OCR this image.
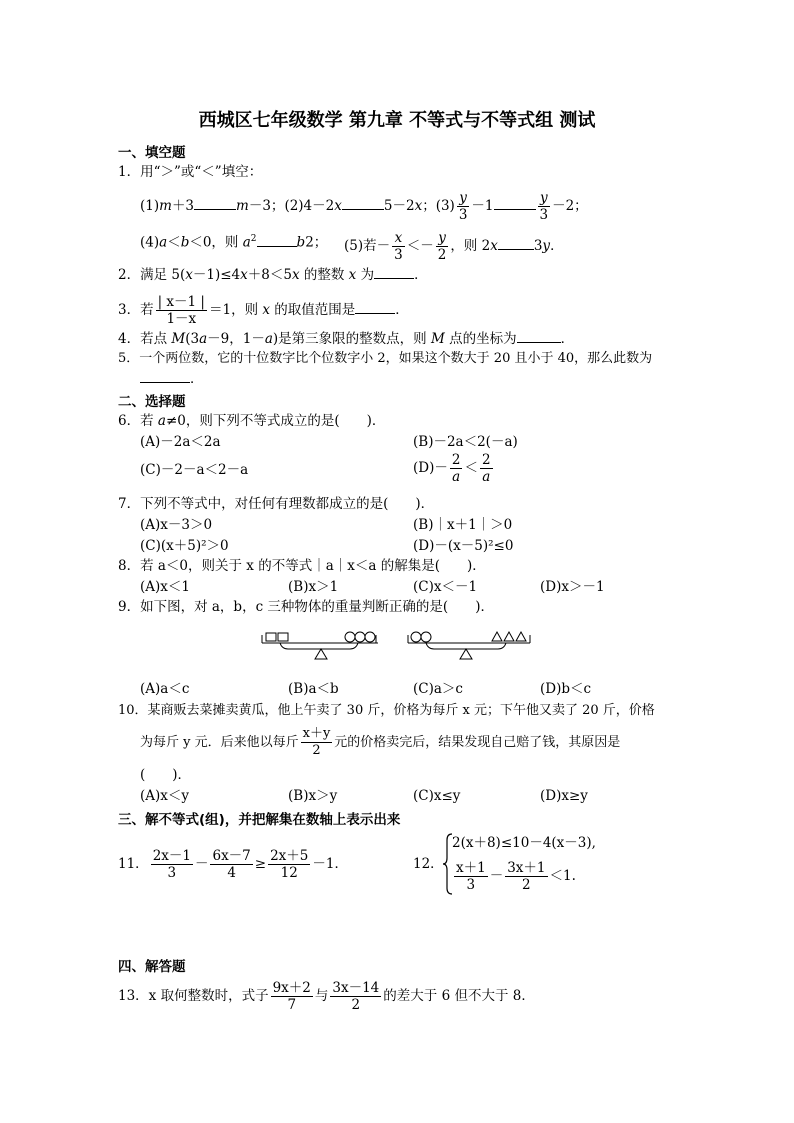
西城区七年级数学 第九章 不等式与不等式组 测试
一、填空题
1．用“＞”或“＜”填空：
(1)m＋3	m－3；(2)4－2x	5－2x；$(3) \frac{y}{3} -1$	$\frac{y}{3} -2$；
(4)a＜b＜0，则 $a^2$	b2； (5)若－ $\frac{x}{3} <- \frac{y}{2}$ ，则 2x	3y．
2．满足 5(x－1)≤4x＋8＜5x 的整数 x 为	．
3．若 $\frac{| x-1 |}{1-x} =1$，则 x 的取值范围是	．
4．若点 M(3a－9，1－a)是第三象限的整数点，则 M 点的坐标为	．
5．一个两位数，它的十位数字比个位数字小 2，如果这个数大于 20 且小于 40，那么此数为
．
二、选择题
6．若 a≠0，则下列不等式成立的是(　　)．
(A)－2a＜2a	(B)－2a＜2(－a)
(C)－2－a＜2－a	$(D)- \frac{2}{a} < \frac{2}{a}$
7．下列不等式中，对任何有理数都成立的是(　　)．
(A)x－3＞0	(B)｜x＋1｜＞0
(C)(x＋5)²＞0	(D)－(x－5)²≤0
8．若 a＜0，则关于 x 的不等式｜a｜x＜a 的解集是(　　)．
(A)x＜1	(B)x＞1	(C)x＜－1	(D)x＞－1
9．如下图，对 a，b，c 三种物体的重量判断正确的是(　　)．
(A)a＜c	(B)a＜b	(C)a＞c	(D)b＜c
10．某商贩去菜摊卖黄瓜，他上午卖了 30 斤，价格为每斤 x 元；下午他又卖了 20 斤，价格
为每斤 y 元．后来他以每斤 $\frac{x+y}{2}$ 元的价格卖完后，结果发现自己赔了钱，其原因是
(　　)．
(A)x＜y	(B)x＞y	(C)x≤y	(D)x≥y
三、解不等式(组)，并把解集在数轴上表示出来
11． $\frac{2x-1}{3} - \frac{6x-7}{4} \ge \frac{2x+5}{12} -1$．	12．
2(x＋8)≤10－4(x－3),
$\frac{x+1}{3} - \frac{3x+1}{2} <1$.
四、解答题
13．x 取何整数时，式子 $\frac{9x+2}{7}$ 与 $\frac{3x-14}{2}$ 的差大于 6 但不大于 8．
